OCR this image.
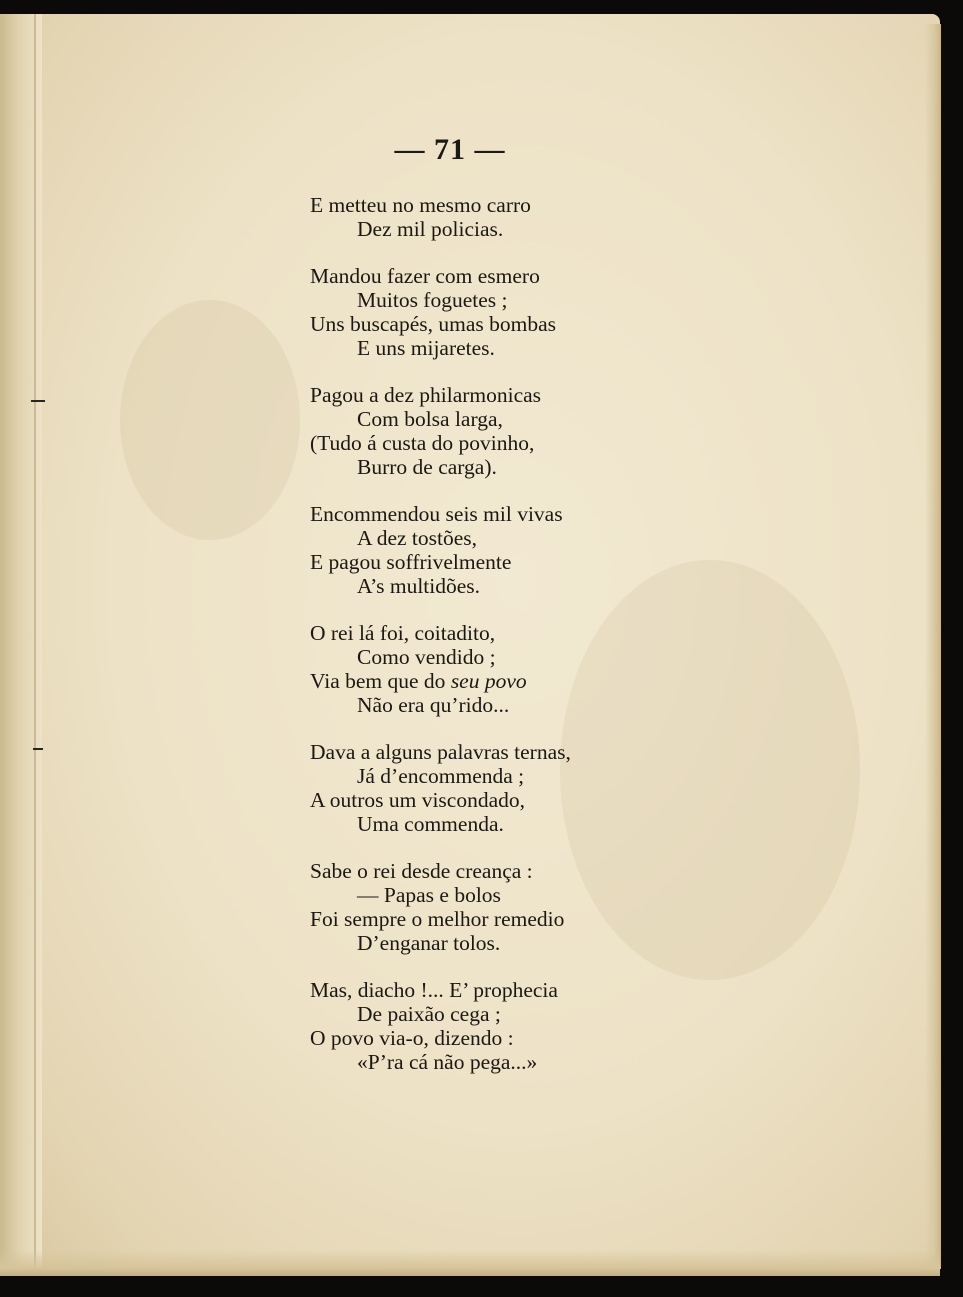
— 71 —
E metteu no mesmo carro
Dez mil policias.
Mandou fazer com esmero
Muitos foguetes ;
Uns buscapés, umas bombas
E uns mijaretes.
Pagou a dez philarmonicas
Com bolsa larga,
(Tudo á custa do povinho,
Burro de carga).
Encommendou seis mil vivas
A dez tostões,
E pagou soffrivelmente
A’s multidões.
O rei lá foi, coitadito,
Como vendido ;
Via bem que do seu povo
Não era qu’rido...
Dava a alguns palavras ternas,
Já d’encommenda ;
A outros um viscondado,
Uma commenda.
Sabe o rei desde creança :
— Papas e bolos
Foi sempre o melhor remedio
D’enganar tolos.
Mas, diacho !... E’ prophecia
De paixão cega ;
O povo via-o, dizendo :
«P’ra cá não pega...»
